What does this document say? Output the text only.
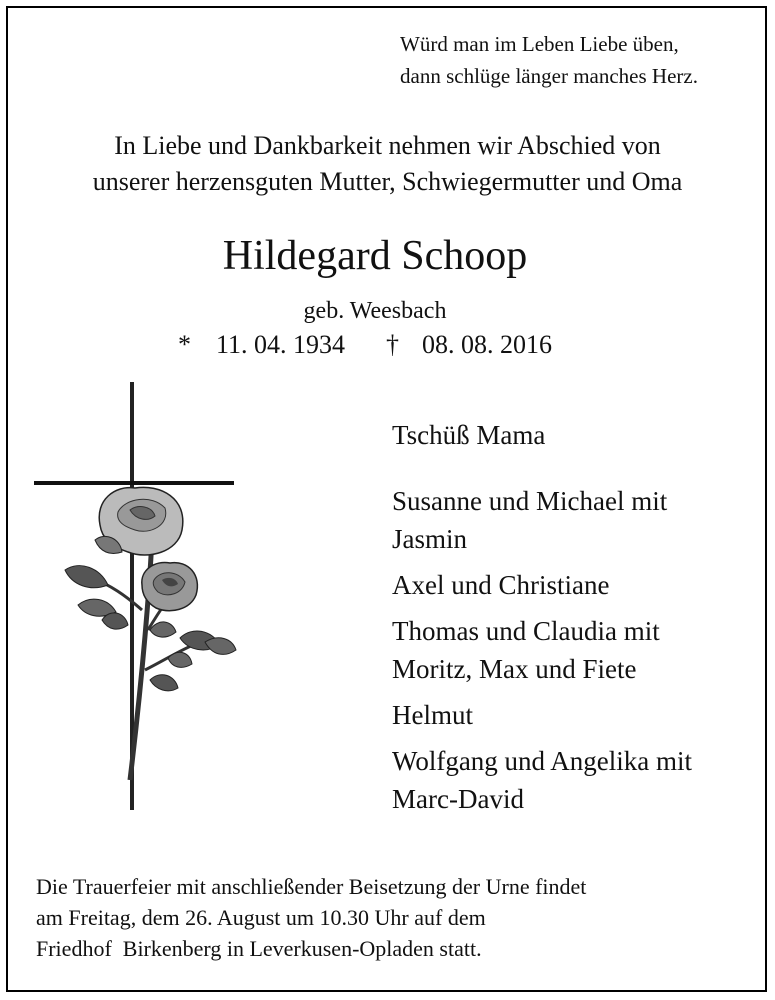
Würd man im Leben Liebe üben,
dann schlüge länger manches Herz.
In Liebe und Dankbarkeit nehmen wir Abschied von
unserer herzensguten Mutter, Schwiegermutter und Oma
Hildegard Schoop
geb. Weesbach
* 11. 04. 1934 † 08. 08. 2016
Tschüß Mama
Susanne und Michael mit
Jasmin
Axel und Christiane
Thomas und Claudia mit
Moritz, Max und Fiete
Helmut
Wolfgang und Angelika mit
Marc-David
Die Trauerfeier mit anschließender Beisetzung der Urne findet
am Freitag, dem 26. August um 10.30 Uhr auf dem
Friedhof  Birkenberg in Leverkusen-Opladen statt.
